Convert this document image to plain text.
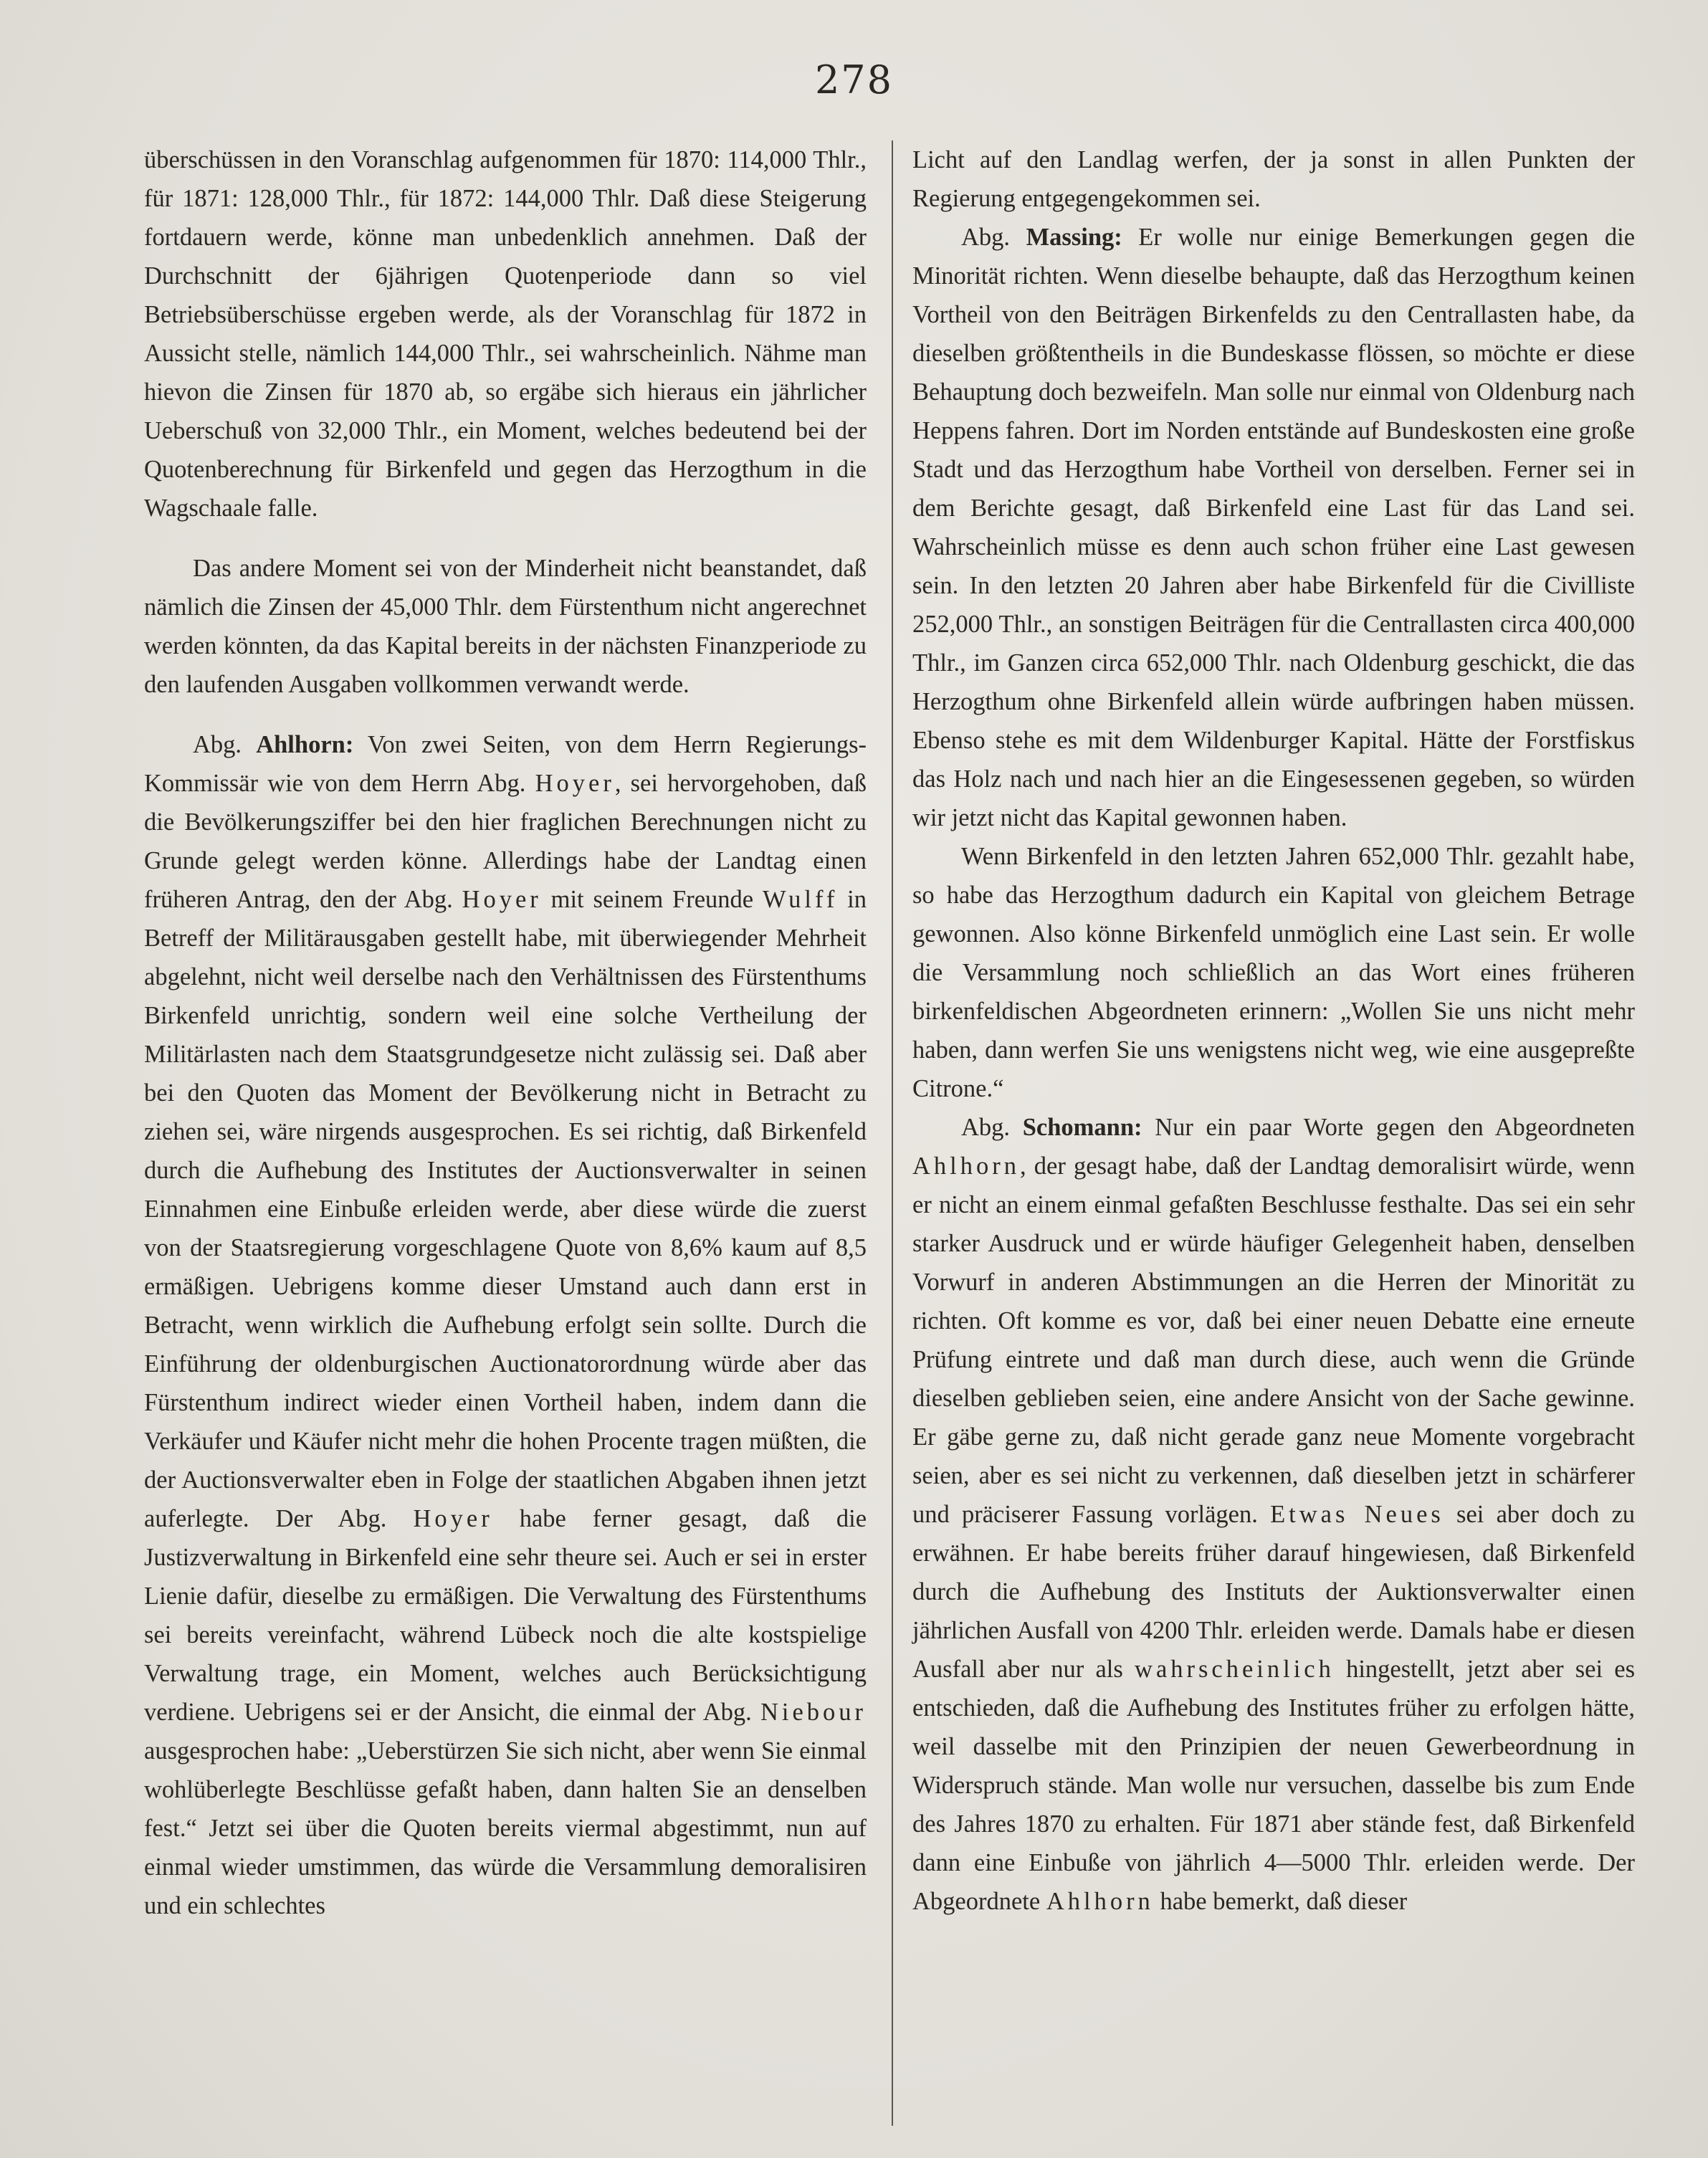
278

überschüssen in den Voranschlag aufgenommen für 1870: 114,000 Thlr., für 1871: 128,000 Thlr., für 1872: 144,000 Thlr. Daß diese Steigerung fortdauern werde, könne man unbedenklich annehmen. Daß der Durchschnitt der 6jährigen Quotenperiode dann so viel Betriebsüberschüsse ergeben werde, als der Voranschlag für 1872 in Aussicht stelle, nämlich 144,000 Thlr., sei wahrscheinlich. Nähme man hievon die Zinsen für 1870 ab, so ergäbe sich hieraus ein jährlicher Ueberschuß von 32,000 Thlr., ein Moment, welches bedeutend bei der Quotenberechnung für Birkenfeld und gegen das Herzogthum in die Wagschaale falle.

Das andere Moment sei von der Minderheit nicht beanstandet, daß nämlich die Zinsen der 45,000 Thlr. dem Fürstenthum nicht angerechnet werden könnten, da das Kapital bereits in der nächsten Finanzperiode zu den laufenden Ausgaben vollkommen verwandt werde.

Abg. Ahlhorn: Von zwei Seiten, von dem Herrn Regierungs-Kommissär wie von dem Herrn Abg. Hoyer, sei hervorgehoben, daß die Bevölkerungsziffer bei den hier fraglichen Berechnungen nicht zu Grunde gelegt werden könne. Allerdings habe der Landtag einen früheren Antrag, den der Abg. Hoyer mit seinem Freunde Wulff in Betreff der Militärausgaben gestellt habe, mit überwiegender Mehrheit abgelehnt, nicht weil derselbe nach den Verhältnissen des Fürstenthums Birkenfeld unrichtig, sondern weil eine solche Vertheilung der Militärlasten nach dem Staatsgrundgesetze nicht zulässig sei. Daß aber bei den Quoten das Moment der Bevölkerung nicht in Betracht zu ziehen sei, wäre nirgends ausgesprochen. Es sei richtig, daß Birkenfeld durch die Aufhebung des Institutes der Auctionsverwalter in seinen Einnahmen eine Einbuße erleiden werde, aber diese würde die zuerst von der Staatsregierung vorgeschlagene Quote von 8,6% kaum auf 8,5 ermäßigen. Uebrigens komme dieser Umstand auch dann erst in Betracht, wenn wirklich die Aufhebung erfolgt sein sollte. Durch die Einführung der oldenburgischen Auctionatorordnung würde aber das Fürstenthum indirect wieder einen Vortheil haben, indem dann die Verkäufer und Käufer nicht mehr die hohen Procente tragen müßten, die der Auctionsverwalter eben in Folge der staatlichen Abgaben ihnen jetzt auferlegte. Der Abg. Hoyer habe ferner gesagt, daß die Justizverwaltung in Birkenfeld eine sehr theure sei. Auch er sei in erster Lienie dafür, dieselbe zu ermäßigen. Die Verwaltung des Fürstenthums sei bereits vereinfacht, während Lübeck noch die alte kostspielige Verwaltung trage, ein Moment, welches auch Berücksichtigung verdiene. Uebrigens sei er der Ansicht, die einmal der Abg. Niebour ausgesprochen habe: „Ueberstürzen Sie sich nicht, aber wenn Sie einmal wohlüberlegte Beschlüsse gefaßt haben, dann halten Sie an denselben fest.“ Jetzt sei über die Quoten bereits viermal abgestimmt, nun auf einmal wieder umstimmen, das würde die Versammlung demoralisiren und ein schlechtes

Licht auf den Landlag werfen, der ja sonst in allen Punkten der Regierung entgegengekommen sei.

Abg. Massing: Er wolle nur einige Bemerkungen gegen die Minorität richten. Wenn dieselbe behaupte, daß das Herzogthum keinen Vortheil von den Beiträgen Birkenfelds zu den Centrallasten habe, da dieselben größtentheils in die Bundeskasse flössen, so möchte er diese Behauptung doch bezweifeln. Man solle nur einmal von Oldenburg nach Heppens fahren. Dort im Norden entstände auf Bundeskosten eine große Stadt und das Herzogthum habe Vortheil von derselben. Ferner sei in dem Berichte gesagt, daß Birkenfeld eine Last für das Land sei. Wahrscheinlich müsse es denn auch schon früher eine Last gewesen sein. In den letzten 20 Jahren aber habe Birkenfeld für die Civilliste 252,000 Thlr., an sonstigen Beiträgen für die Centrallasten circa 400,000 Thlr., im Ganzen circa 652,000 Thlr. nach Oldenburg geschickt, die das Herzogthum ohne Birkenfeld allein würde aufbringen haben müssen. Ebenso stehe es mit dem Wildenburger Kapital. Hätte der Forstfiskus das Holz nach und nach hier an die Eingesessenen gegeben, so würden wir jetzt nicht das Kapital gewonnen haben.

Wenn Birkenfeld in den letzten Jahren 652,000 Thlr. gezahlt habe, so habe das Herzogthum dadurch ein Kapital von gleichem Betrage gewonnen. Also könne Birkenfeld unmöglich eine Last sein. Er wolle die Versammlung noch schließlich an das Wort eines früheren birkenfeldischen Abgeordneten erinnern: „Wollen Sie uns nicht mehr haben, dann werfen Sie uns wenigstens nicht weg, wie eine ausgepreßte Citrone.“

Abg. Schomann: Nur ein paar Worte gegen den Abgeordneten Ahlhorn, der gesagt habe, daß der Landtag demoralisirt würde, wenn er nicht an einem einmal gefaßten Beschlusse festhalte. Das sei ein sehr starker Ausdruck und er würde häufiger Gelegenheit haben, denselben Vorwurf in anderen Abstimmungen an die Herren der Minorität zu richten. Oft komme es vor, daß bei einer neuen Debatte eine erneute Prüfung eintrete und daß man durch diese, auch wenn die Gründe dieselben geblieben seien, eine andere Ansicht von der Sache gewinne. Er gäbe gerne zu, daß nicht gerade ganz neue Momente vorgebracht seien, aber es sei nicht zu verkennen, daß dieselben jetzt in schärferer und präciserer Fassung vorlägen. Etwas Neues sei aber doch zu erwähnen. Er habe bereits früher darauf hingewiesen, daß Birkenfeld durch die Aufhebung des Instituts der Auktionsverwalter einen jährlichen Ausfall von 4200 Thlr. erleiden werde. Damals habe er diesen Ausfall aber nur als wahrscheinlich hingestellt, jetzt aber sei es entschieden, daß die Aufhebung des Institutes früher zu erfolgen hätte, weil dasselbe mit den Prinzipien der neuen Gewerbeordnung in Widerspruch stände. Man wolle nur versuchen, dasselbe bis zum Ende des Jahres 1870 zu erhalten. Für 1871 aber stände fest, daß Birkenfeld dann eine Einbuße von jährlich 4—5000 Thlr. erleiden werde. Der Abgeordnete Ahlhorn habe bemerkt, daß dieser
